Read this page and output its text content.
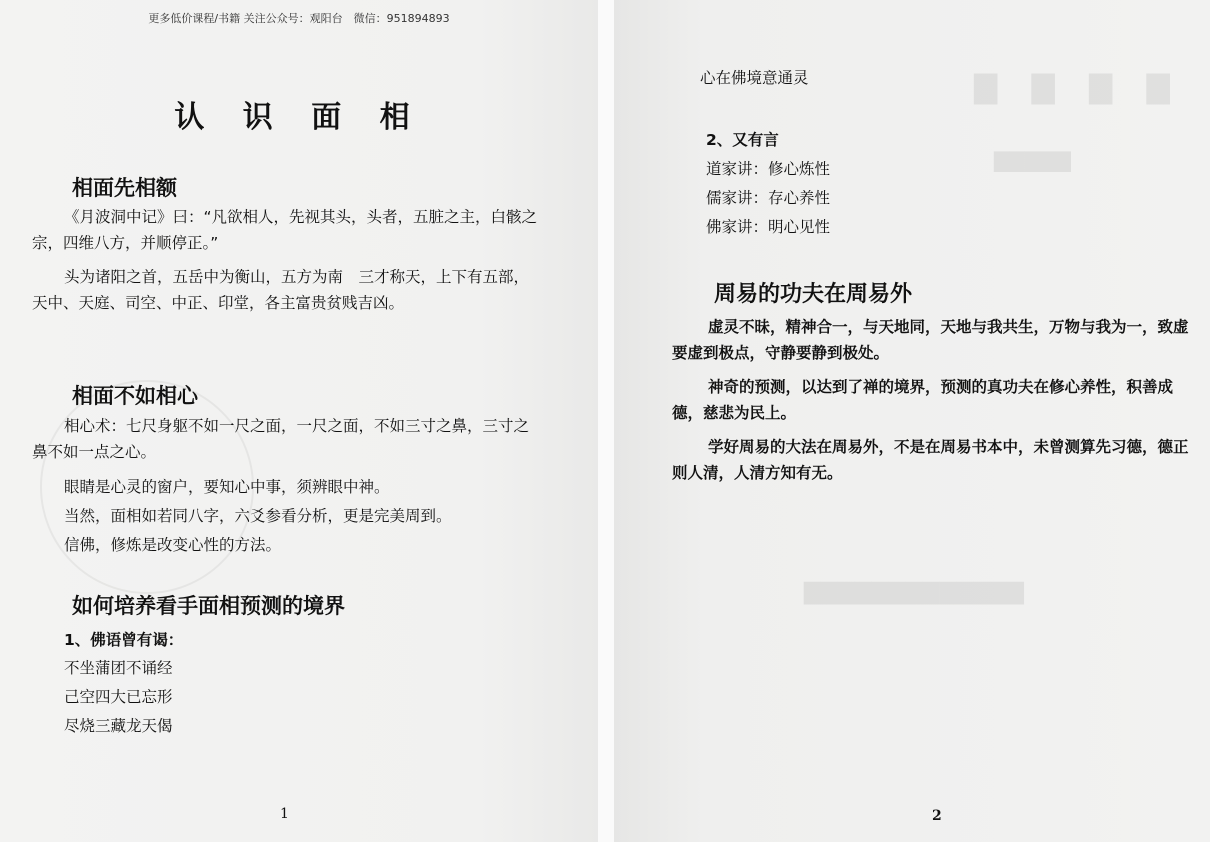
更多低价课程/书籍 关注公众号：观阳台　微信：951894893
认 识 面 相
相面先相额
《月波洞中记》曰：“凡欲相人，先视其头，头者，五脏之主，白骸之宗，四维八方，并顺停正。”
头为诸阳之首，五岳中为衡山，五方为南　三才称天，上下有五部，天中、天庭、司空、中正、印堂，各主富贵贫贱吉凶。
相面不如相心
相心术：七尺身躯不如一尺之面，一尺之面，不如三寸之鼻，三寸之鼻不如一点之心。
眼睛是心灵的窗户，要知心中事，须辨眼中神。
当然，面相如若同八字，六爻参看分析，更是完美周到。
信佛，修炼是改变心性的方法。
如何培养看手面相预测的境界
1、佛语曾有谒：
不坐蒲团不诵经
己空四大已忘形
尽烧三藏龙天偈
1
▇ ▇ ▇ ▇
▇▇▇▇▇
▇▇▇▇▇▇▇▇▇▇▇▇▇
心在佛境意通灵
2、又有言
道家讲：修心炼性
儒家讲：存心养性
佛家讲：明心见性
周易的功夫在周易外
虚灵不昧，精神合一，与天地同，天地与我共生，万物与我为一，致虚要虚到极点，守静要静到极处。
神奇的预测，以达到了禅的境界，预测的真功夫在修心养性，积善成德，慈悲为民上。
学好周易的大法在周易外，不是在周易书本中，未曾测算先习德，德正则人清，人清方知有无。
2
